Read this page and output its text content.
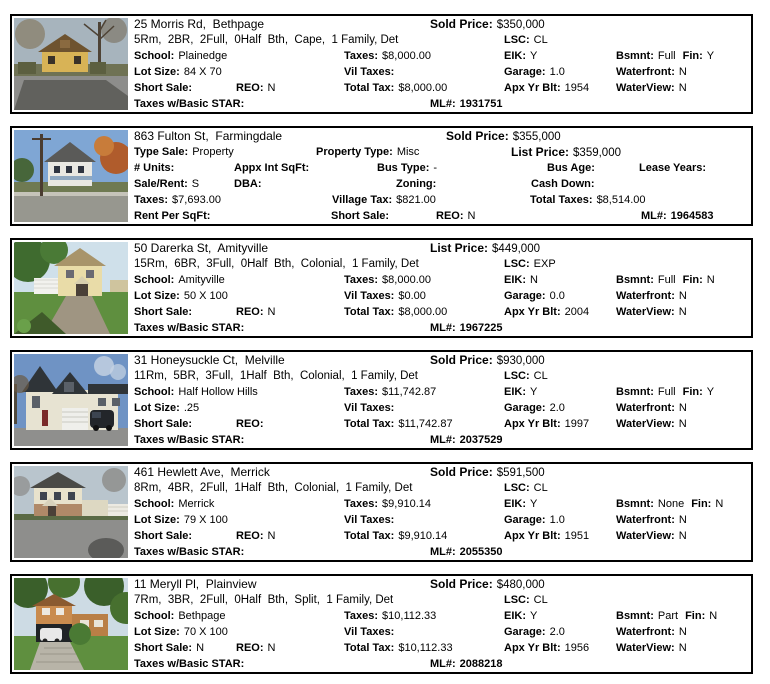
25 Morris Rd,  Bethpage	Sold Price: $350,000
5Rm,  2BR,  2Full,  0Half  Bth,  Cape,  1 Family, Det	LSC: CL
School: Plainedge	Taxes: $8,000.00	EIK: Y	Bsmnt: Full Fin: Y
Lot Size: 84 X 70	Vil Taxes:	Garage: 1.0	Waterfront: N
Short Sale:	REO: N	Total Tax: $8,000.00	Apx Yr Blt: 1954 WaterView: N
Taxes w/Basic STAR:	ML#: 1931751
863 Fulton St,  Farmingdale	Sold Price: $355,000
Type Sale: Property	Property Type: Misc	List Price: $359,000
# Units:	Appx Int SqFt:	Bus Type: -	Bus Age:	Lease Years:
Sale/Rent: S	DBA:	Zoning:	Cash Down:
Taxes: $7,693.00	Village Tax: $821.00	Total Taxes: $8,514.00
Rent Per SqFt:	Short Sale:	REO: N	ML#: 1964583
50 Darerka St,  Amityville	List Price: $449,000
15Rm,  6BR,  3Full,  0Half  Bth,  Colonial,  1 Family, Det	LSC: EXP
School: Amityville	Taxes: $8,000.00	EIK: N	Bsmnt: Full Fin: N
Lot Size: 50 X 100	Vil Taxes: $0.00	Garage: 0.0	Waterfront: N
Short Sale:	REO: N	Total Tax: $8,000.00	Apx Yr Blt: 2004 WaterView: N
Taxes w/Basic STAR:	ML#: 1967225
31 Honeysuckle Ct,  Melville	Sold Price: $930,000
11Rm,  5BR,  3Full,  1Half  Bth,  Colonial,  1 Family, Det	LSC: CL
School: Half Hollow Hills	Taxes: $11,742.87	EIK: Y	Bsmnt: Full Fin: Y
Lot Size: .25	Vil Taxes:	Garage: 2.0	Waterfront: N
Short Sale:	REO:	Total Tax: $11,742.87	Apx Yr Blt: 1997 WaterView: N
Taxes w/Basic STAR:	ML#: 2037529
461 Hewlett Ave,  Merrick	Sold Price: $591,500
8Rm,  4BR,  2Full,  1Half  Bth,  Colonial,  1 Family, Det	LSC: CL
School: Merrick	Taxes: $9,910.14	EIK: Y	Bsmnt: None Fin: N
Lot Size: 79 X 100	Vil Taxes:	Garage: 1.0	Waterfront: N
Short Sale:	REO: N	Total Tax: $9,910.14	Apx Yr Blt: 1951 WaterView: N
Taxes w/Basic STAR:	ML#: 2055350
11 Meryll Pl,  Plainview	Sold Price: $480,000
7Rm,  3BR,  2Full,  0Half  Bth,  Split,  1 Family, Det	LSC: CL
School: Bethpage	Taxes: $10,112.33	EIK: Y	Bsmnt: Part Fin: N
Lot Size: 70 X 100	Vil Taxes:	Garage: 2.0	Waterfront: N
Short Sale: N	REO: N	Total Tax: $10,112.33	Apx Yr Blt: 1956 WaterView: N
Taxes w/Basic STAR:	ML#: 2088218
